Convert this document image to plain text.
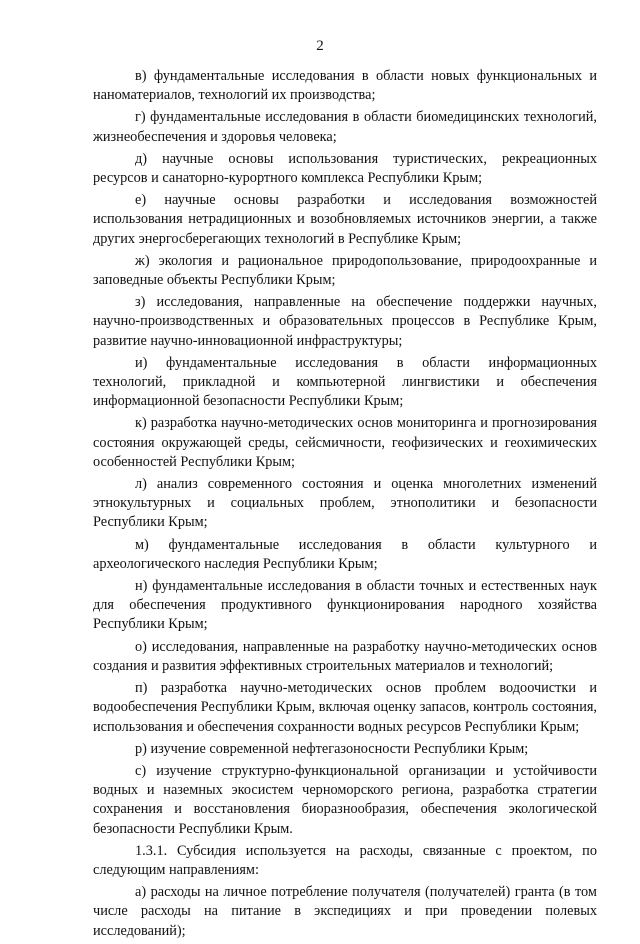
2

в) фундаментальные исследования в области новых функциональных и наноматериалов, технологий их производства;

г) фундаментальные исследования в области биомедицинских технологий, жизнеобеспечения и здоровья человека;

д) научные основы использования туристических, рекреационных ресурсов и санаторно-курортного комплекса Республики Крым;

е) научные основы разработки и исследования возможностей использования нетрадиционных и возобновляемых источников энергии, а также других энергосберегающих технологий в Республике Крым;

ж) экология и рациональное природопользование, природоохранные и заповедные объекты Республики Крым;

з) исследования, направленные на обеспечение поддержки научных, научно-производственных и образовательных процессов в Республике Крым, развитие научно-инновационной инфраструктуры;

и) фундаментальные исследования в области информационных технологий, прикладной и компьютерной лингвистики и обеспечения информационной безопасности Республики Крым;

к) разработка научно-методических основ мониторинга и прогнозирования состояния окружающей среды, сейсмичности, геофизических и геохимических особенностей Республики Крым;

л) анализ современного состояния и оценка многолетних изменений этнокультурных и социальных проблем, этнополитики и безопасности Республики Крым;

м) фундаментальные исследования в области культурного и археологического наследия Республики Крым;

н) фундаментальные исследования в области точных и естественных наук для обеспечения продуктивного функционирования народного хозяйства Республики Крым;

о) исследования, направленные на разработку научно-методических основ создания и развития эффективных строительных материалов и технологий;

п) разработка научно-методических основ проблем водоочистки и водообеспечения Республики Крым, включая оценку запасов, контроль состояния, использования и обеспечения сохранности водных ресурсов Республики Крым;

р) изучение современной нефтегазоносности Республики Крым;

с) изучение структурно-функциональной организации и устойчивости водных и наземных экосистем черноморского региона, разработка стратегии сохранения и восстановления биоразнообразия, обеспечения экологической безопасности Республики Крым.

1.3.1. Субсидия используется на расходы, связанные с проектом, по следующим направлениям:

а) расходы на личное потребление получателя (получателей) гранта (в том числе расходы на питание в экспедициях и при проведении полевых исследований);
